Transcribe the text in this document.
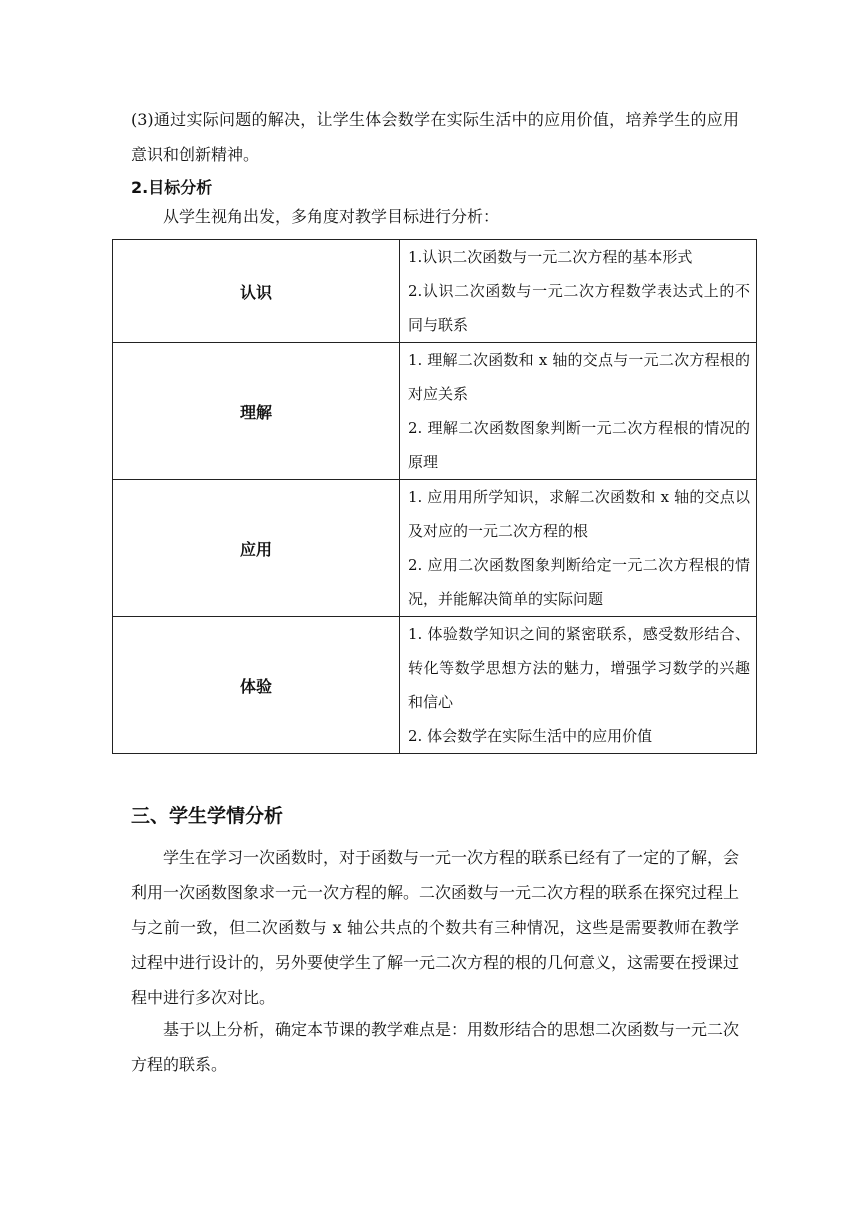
(3)通过实际问题的解决，让学生体会数学在实际生活中的应用价值，培养学生的应用意识和创新精神。

2.目标分析

从学生视角出发，多角度对教学目标进行分析：

认识	1.认识二次函数与一元二次方程的基本形式
2.认识二次函数与一元二次方程数学表达式上的不同与联系

理解	1. 理解二次函数和 x 轴的交点与一元二次方程根的对应关系
2. 理解二次函数图象判断一元二次方程根的情况的原理

应用	1. 应用用所学知识，求解二次函数和 x 轴的交点以及对应的一元二次方程的根
2. 应用二次函数图象判断给定一元二次方程根的情况，并能解决简单的实际问题

体验	1. 体验数学知识之间的紧密联系，感受数形结合、转化等数学思想方法的魅力，增强学习数学的兴趣和信心
2. 体会数学在实际生活中的应用价值

三、学生学情分析

学生在学习一次函数时，对于函数与一元一次方程的联系已经有了一定的了解，会利用一次函数图象求一元一次方程的解。二次函数与一元二次方程的联系在探究过程上与之前一致，但二次函数与 x 轴公共点的个数共有三种情况，这些是需要教师在教学过程中进行设计的，另外要使学生了解一元二次方程的根的几何意义，这需要在授课过程中进行多次对比。

基于以上分析，确定本节课的教学难点是：用数形结合的思想二次函数与一元二次方程的联系。
